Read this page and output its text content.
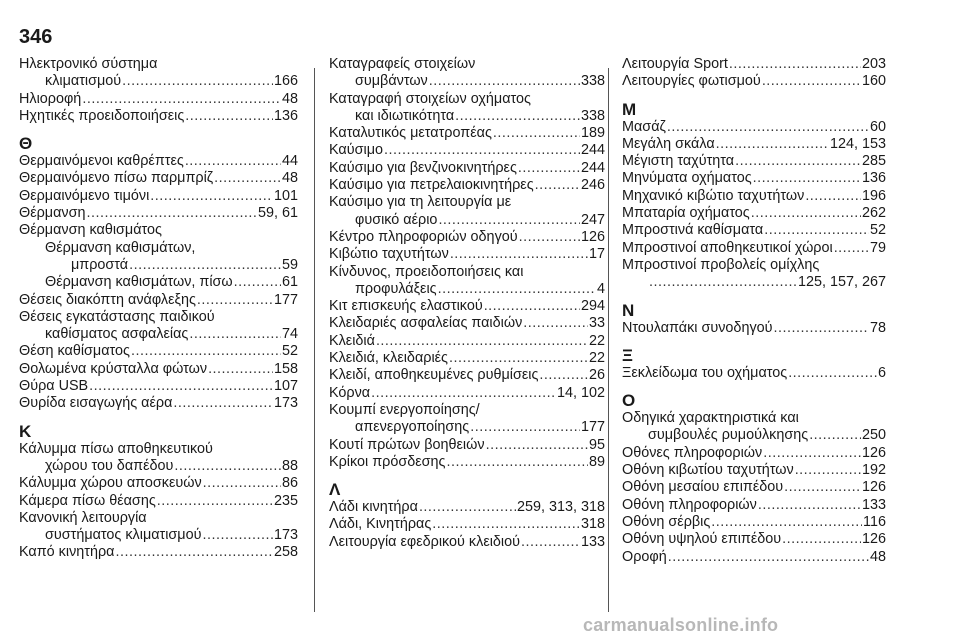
346
Ηλεκτρονικό σύστημα
κλιματισμού .....	166
Ηλιοροφή .....	48
Ηχητικές προειδοποιήσεις .....	136
Θ
Θερμαινόμενοι καθρέπτες .....	44
Θερμαινόμενο πίσω παρμπρίζ .....	48
Θερμαινόμενο τιμόνι .....	101
Θέρμανση .....	59, 61
Θέρμανση καθισμάτος
Θέρμανση καθισμάτων,
μπροστά .....	59
Θέρμανση καθισμάτων, πίσω .....	61
Θέσεις διακόπτη ανάφλεξης .....	177
Θέσεις εγκατάστασης παιδικού
καθίσματος ασφαλείας .....	74
Θέση καθίσματος .....	52
Θολωμένα κρύσταλλα φώτων .....	158
Θύρα USB .....	107
Θυρίδα εισαγωγής αέρα .....	173
Κ
Κάλυμμα πίσω αποθηκευτικού
χώρου του δαπέδου .....	88
Κάλυμμα χώρου αποσκευών .....	86
Κάμερα πίσω θέασης .....	235
Κανονική λειτουργία
συστήματος κλιματισμού .....	173
Καπό κινητήρα .....	258
Καταγραφείς στοιχείων
συμβάντων .....	338
Καταγραφή στοιχείων οχήματος
και ιδιωτικότητα .....	338
Καταλυτικός μετατροπέας .....	189
Καύσιμο .....	244
Καύσιμο για βενζινοκινητήρες .....	244
Καύσιμο για πετρελαιοκινητήρες .....	246
Καύσιμο για τη λειτουργία με
φυσικό αέριο .....	247
Κέντρο πληροφοριών οδηγού .....	126
Κιβώτιο ταχυτήτων .....	17
Κίνδυνος, προειδοποιήσεις και
προφυλάξεις .....	4
Κιτ επισκευής ελαστικού .....	294
Κλειδαριές ασφαλείας παιδιών .....	33
Κλειδιά .....	22
Κλειδιά, κλειδαριές .....	22
Κλειδί, αποθηκευμένες ρυθμίσεις .....	26
Κόρνα .....	14, 102
Κουμπί ενεργοποίησης/
απενεργοποίησης .....	177
Κουτί πρώτων βοηθειών .....	95
Κρίκοι πρόσδεσης .....	89
Λ
Λάδι κινητήρα .....	259, 313, 318
Λάδι, Κινητήρας .....	318
Λειτουργία εφεδρικού κλειδιού .....	133
Λειτουργία Sport .....	203
Λειτουργίες φωτισμού .....	160
Μ
Μασάζ .....	60
Μεγάλη σκάλα .....	124, 153
Μέγιστη ταχύτητα .....	285
Μηνύματα οχήματος .....	136
Μηχανικό κιβώτιο ταχυτήτων .....	196
Μπαταρία οχήματος .....	262
Μπροστινά καθίσματα .....	52
Μπροστινοί αποθηκευτικοί χώροι .....	79
Μπροστινοί προβολείς ομίχλης
.....
125, 157, 267
Ν
Ντουλαπάκι συνοδηγού .....	78
Ξ
Ξεκλείδωμα του οχήματος .....	6
Ο
Οδηγικά χαρακτηριστικά και
συμβουλές ρυμούλκησης .....	250
Οθόνες πληροφοριών .....	126
Οθόνη κιβωτίου ταχυτήτων .....	192
Οθόνη μεσαίου επιπέδου .....	126
Οθόνη πληροφοριών .....	133
Οθόνη σέρβις .....	116
Οθόνη υψηλού επιπέδου .....	126
Οροφή .....	48
carmanualsonline.info
